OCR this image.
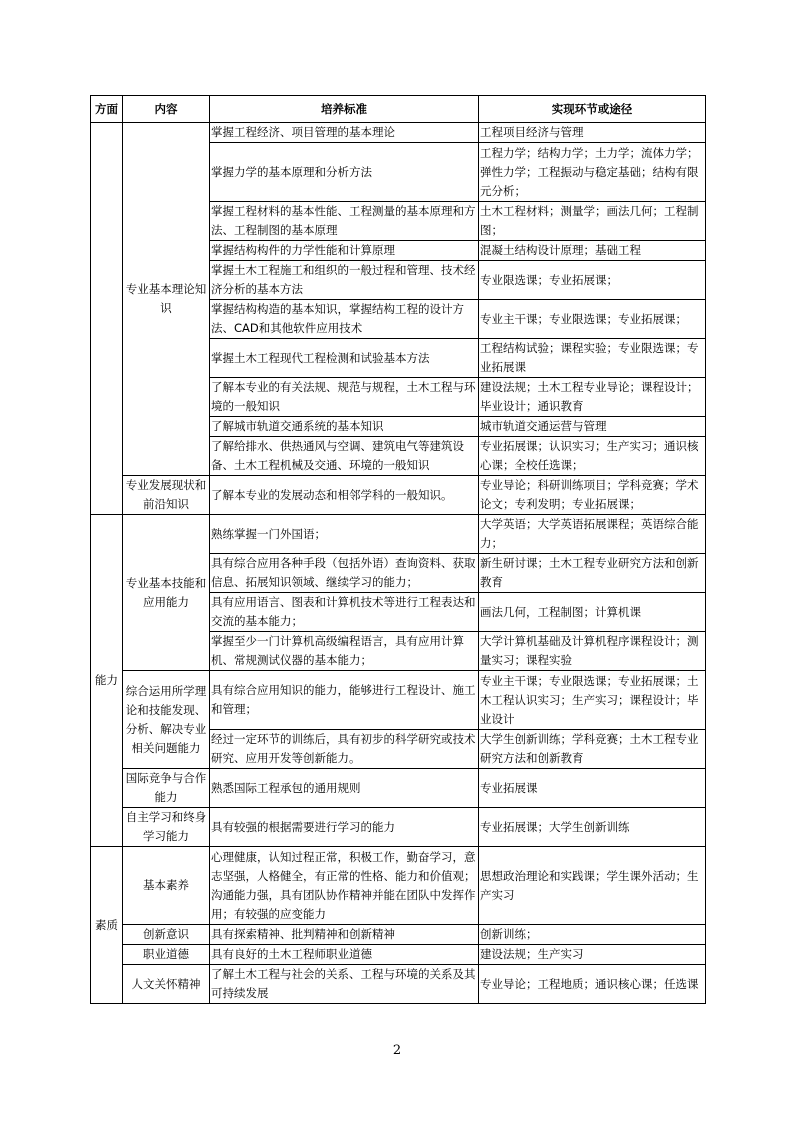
方面	内容	培养标准	实现环节或途径
	专业基本理论知识	掌握工程经济、项目管理的基本理论	工程项目经济与管理
		掌握力学的基本原理和分析方法	工程力学；结构力学；土力学；流体力学；弹性力学；工程振动与稳定基础；结构有限元分析；
		掌握工程材料的基本性能、工程测量的基本原理和方法、工程制图的基本原理	土木工程材料；测量学；画法几何；工程制图；
		掌握结构构件的力学性能和计算原理	混凝土结构设计原理；基础工程
		掌握土木工程施工和组织的一般过程和管理、技术经济分析的基本方法	专业限选课；专业拓展课；
		掌握结构构造的基本知识，掌握结构工程的设计方法、CAD和其他软件应用技术	专业主干课；专业限选课；专业拓展课；
		掌握土木工程现代工程检测和试验基本方法	工程结构试验；课程实验；专业限选课；专业拓展课
		了解本专业的有关法规、规范与规程，土木工程与环境的一般知识	建设法规；土木工程专业导论；课程设计；毕业设计；通识教育
		了解城市轨道交通系统的基本知识	城市轨道交通运营与管理
		了解给排水、供热通风与空调、建筑电气等建筑设备、土木工程机械及交通、环境的一般知识	专业拓展课；认识实习；生产实习；通识核心课；全校任选课；
	专业发展现状和前沿知识	了解本专业的发展动态和相邻学科的一般知识。	专业导论；科研训练项目；学科竞赛；学术论文；专利发明；专业拓展课；
能力	专业基本技能和应用能力	熟练掌握一门外国语；	大学英语；大学英语拓展课程；英语综合能力；
		具有综合应用各种手段（包括外语）查询资料、获取信息、拓展知识领域、继续学习的能力；	新生研讨课；土木工程专业研究方法和创新教育
		具有应用语言、图表和计算机技术等进行工程表达和交流的基本能力；	画法几何，工程制图；计算机课
		掌握至少一门计算机高级编程语言，具有应用计算机、常规测试仪器的基本能力；	大学计算机基础及计算机程序课程设计；测量实习；课程实验
	综合运用所学理论和技能发现、分析、解决专业相关问题能力	具有综合应用知识的能力，能够进行工程设计、施工和管理；	专业主干课；专业限选课；专业拓展课；土木工程认识实习；生产实习；课程设计；毕业设计
		经过一定环节的训练后，具有初步的科学研究或技术研究、应用开发等创新能力。	大学生创新训练；学科竞赛；土木工程专业研究方法和创新教育
	国际竞争与合作能力	熟悉国际工程承包的通用规则	专业拓展课
	自主学习和终身学习能力	具有较强的根据需要进行学习的能力	专业拓展课；大学生创新训练
素质	基本素养	心理健康，认知过程正常，积极工作，勤奋学习，意志坚强，人格健全，有正常的性格、能力和价值观；沟通能力强，具有团队协作精神并能在团队中发挥作用；有较强的应变能力	思想政治理论和实践课；学生课外活动；生产实习
	创新意识	具有探索精神、批判精神和创新精神	创新训练；
	职业道德	具有良好的土木工程师职业道德	建设法规；生产实习
	人文关怀精神	了解土木工程与社会的关系、工程与环境的关系及其可持续发展	专业导论；工程地质；通识核心课；任选课
2
